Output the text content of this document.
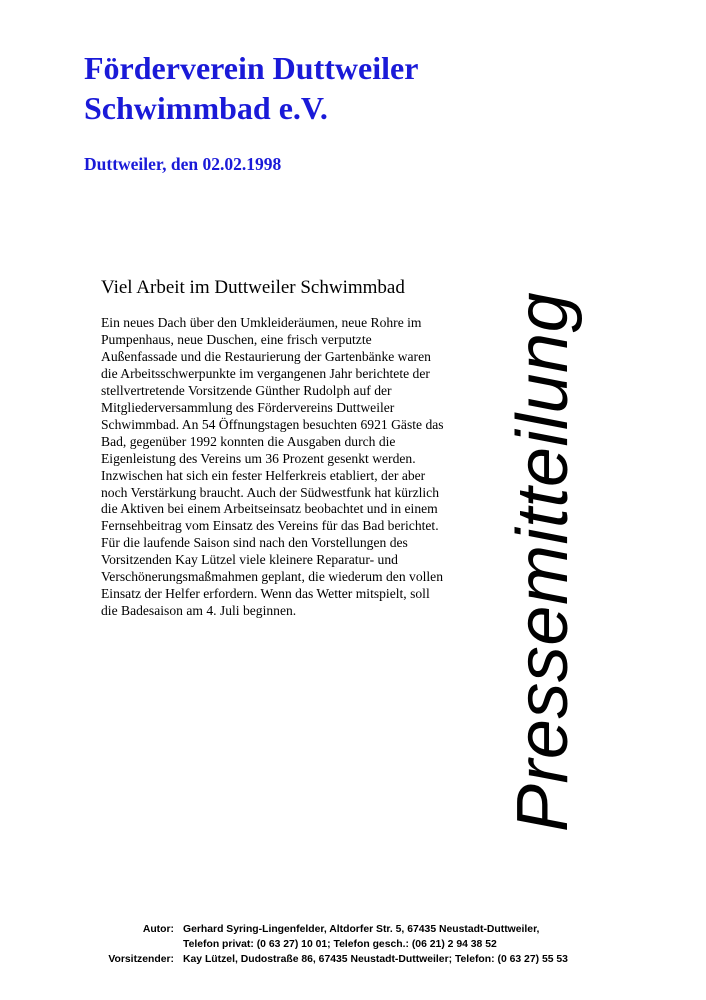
Förderverein Duttweiler
Schwimmbad e.V.

Duttweiler, den 02.02.1998

Viel Arbeit im Duttweiler Schwimmbad
Ein neues Dach über den Umkleideräumen, neue Rohre im
Pumpenhaus, neue Duschen, eine frisch verputzte
Außenfassade und die Restaurierung der Gartenbänke waren
die Arbeitsschwerpunkte im vergangenen Jahr berichtete der
stellvertretende Vorsitzende Günther Rudolph auf der
Mitgliederversammlung des Fördervereins Duttweiler
Schwimmbad. An 54 Öffnungstagen besuchten 6921 Gäste das
Bad, gegenüber 1992 konnten die Ausgaben durch die
Eigenleistung des Vereins um 36 Prozent gesenkt werden.
Inzwischen hat sich ein fester Helferkreis etabliert, der aber
noch Verstärkung braucht. Auch der Südwestfunk hat kürzlich
die Aktiven bei einem Arbeitseinsatz beobachtet und in einem
Fernsehbeitrag vom Einsatz des Vereins für das Bad berichtet.
Für die laufende Saison sind nach den Vorstellungen des
Vorsitzenden Kay Lützel viele kleinere Reparatur- und
Verschönerungsmaßmahmen geplant, die wiederum den vollen
Einsatz der Helfer erfordern. Wenn das Wetter mitspielt, soll
die Badesaison am 4. Juli beginnen.	Pressemitteilung
Autor: Gerhard Syring-Lingenfelder, Altdorfer Str. 5, 67435 Neustadt-Duttweiler,
Telefon privat: (0 63 27) 10 01; Telefon gesch.: (06 21) 2 94 38 52
Vorsitzender: Kay Lützel, Dudostraße 86, 67435 Neustadt-Duttweiler; Telefon: (0 63 27) 55 53
